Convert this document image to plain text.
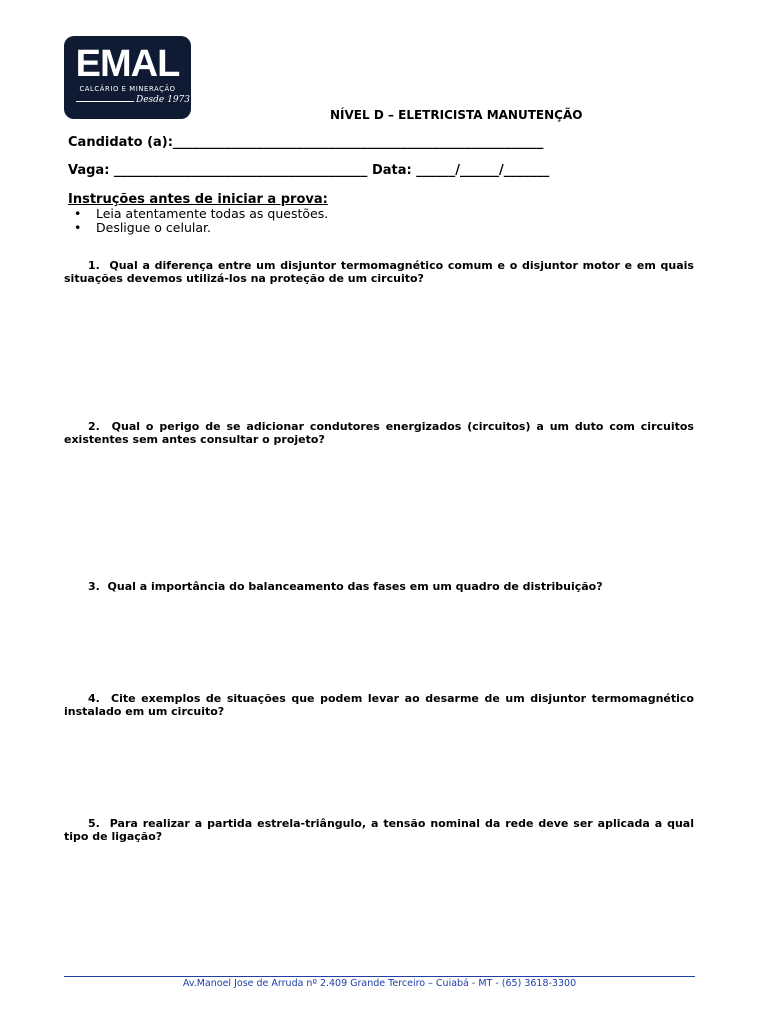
EMAL
CALCÁRIO E MINERAÇÃO
Desde 1973
NÍVEL D – ELETRICISTA MANUTENÇÃO
Candidato (a):_________________________________________________________
Vaga: _______________________________________ Data: ______/______/_______
Instruções antes de iniciar a prova:
• Leia atentamente todas as questões.
• Desligue o celular.
1. Qual a diferença entre um disjuntor termomagnético comum e o disjuntor motor e em quais situações devemos utilizá-los na proteção de um circuito?
2. Qual o perigo de se adicionar condutores energizados (circuitos) a um duto com circuitos existentes sem antes consultar o projeto?
3. Qual a importância do balanceamento das fases em um quadro de distribuição?
4. Cite exemplos de situações que podem levar ao desarme de um disjuntor termomagnético instalado em um circuito?
5. Para realizar a partida estrela-triângulo, a tensão nominal da rede deve ser aplicada a qual tipo de ligação?
Av.Manoel Jose de Arruda nº 2.409 Grande Terceiro – Cuiabá - MT - (65) 3618-3300
